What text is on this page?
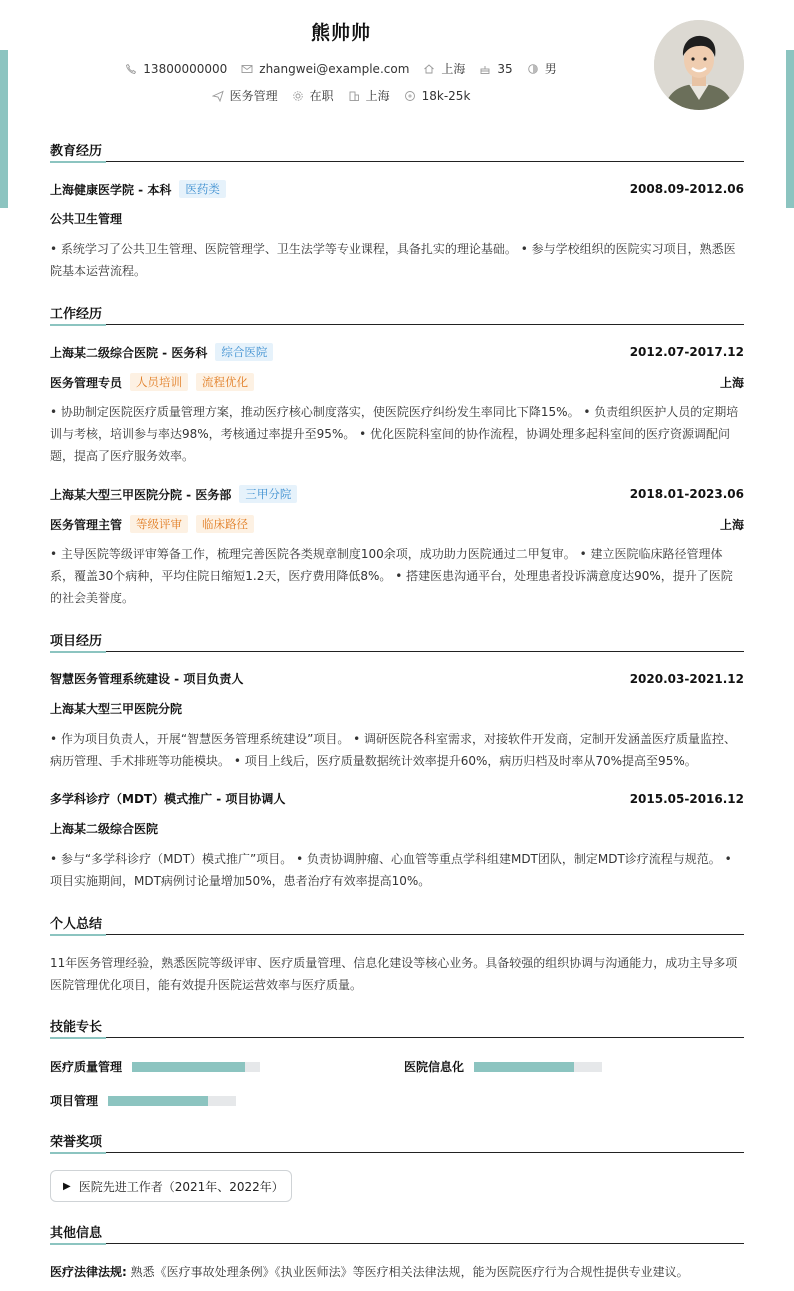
熊帅帅
13800000000	zhangwei@example.com	上海	35	男
医务管理	在职	上海	18k-25k
教育经历
上海健康医学院 - 本科	医药类	2008.09-2012.06
公共卫生管理
• 系统学习了公共卫生管理、医院管理学、卫生法学等专业课程，具备扎实的理论基础。 • 参与学校组织的医院实习项目，熟悉医院基本运营流程。
工作经历
上海某二级综合医院 - 医务科	综合医院	2012.07-2017.12
医务管理专员	人员培训	流程优化	上海
• 协助制定医院医疗质量管理方案，推动医疗核心制度落实，使医院医疗纠纷发生率同比下降15%。 • 负责组织医护人员的定期培训与考核，培训参与率达98%，考核通过率提升至95%。 • 优化医院科室间的协作流程，协调处理多起科室间的医疗资源调配问题，提高了医疗服务效率。
上海某大型三甲医院分院 - 医务部	三甲分院	2018.01-2023.06
医务管理主管	等级评审	临床路径	上海
• 主导医院等级评审筹备工作，梳理完善医院各类规章制度100余项，成功助力医院通过二甲复审。 • 建立医院临床路径管理体系，覆盖30个病种，平均住院日缩短1.2天，医疗费用降低8%。 • 搭建医患沟通平台，处理患者投诉满意度达90%，提升了医院的社会美誉度。
项目经历
智慧医务管理系统建设 - 项目负责人	2020.03-2021.12
上海某大型三甲医院分院
• 作为项目负责人，开展“智慧医务管理系统建设”项目。 • 调研医院各科室需求，对接软件开发商，定制开发涵盖医疗质量监控、病历管理、手术排班等功能模块。 • 项目上线后，医疗质量数据统计效率提升60%，病历归档及时率从70%提高至95%。
多学科诊疗（MDT）模式推广 - 项目协调人	2015.05-2016.12
上海某二级综合医院
• 参与“多学科诊疗（MDT）模式推广”项目。 • 负责协调肿瘤、心血管等重点学科组建MDT团队，制定MDT诊疗流程与规范。 • 项目实施期间，MDT病例讨论量增加50%，患者治疗有效率提高10%。
个人总结
11年医务管理经验，熟悉医院等级评审、医疗质量管理、信息化建设等核心业务。具备较强的组织协调与沟通能力，成功主导多项医院管理优化项目，能有效提升医院运营效率与医疗质量。
技能专长
医疗质量管理	医院信息化
项目管理
荣誉奖项
▶ 医院先进工作者（2021年、2022年）
其他信息
医疗法律法规: 熟悉《医疗事故处理条例》《执业医师法》等医疗相关法律法规，能为医院医疗行为合规性提供专业建议。
